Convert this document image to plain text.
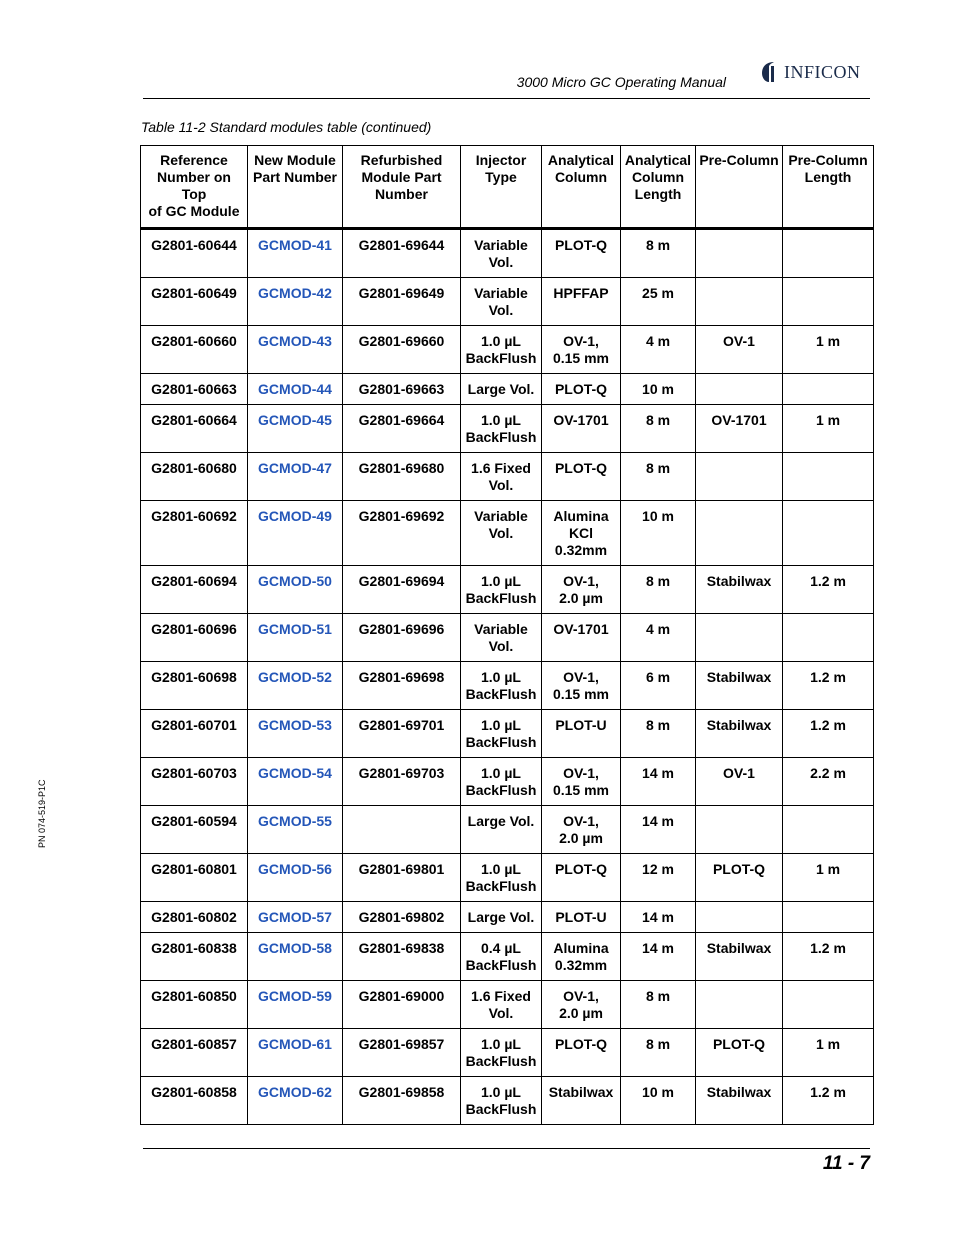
3000 Micro GC Operating Manual
INFICON
Table 11-2 Standard modules table (continued)
Reference
Number on Top
of GC Module	New Module
Part Number	Refurbished
Module Part
Number	Injector
Type	Analytical
Column	Analytical
Column
Length	Pre-Column	Pre-Column
Length
G2801-60644	GCMOD-41	G2801-69644	Variable
Vol.	PLOT-Q	8 m		
G2801-60649	GCMOD-42	G2801-69649	Variable
Vol.	HPFFAP	25 m		
G2801-60660	GCMOD-43	G2801-69660	1.0 µL
BackFlush	OV-1,
0.15 mm	4 m	OV-1	1 m
G2801-60663	GCMOD-44	G2801-69663	Large Vol.	PLOT-Q	10 m		
G2801-60664	GCMOD-45	G2801-69664	1.0 µL
BackFlush	OV-1701	8 m	OV-1701	1 m
G2801-60680	GCMOD-47	G2801-69680	1.6 Fixed
Vol.	PLOT-Q	8 m		
G2801-60692	GCMOD-49	G2801-69692	Variable
Vol.	Alumina
KCl
0.32mm	10 m		
G2801-60694	GCMOD-50	G2801-69694	1.0 µL
BackFlush	OV-1,
2.0 µm	8 m	Stabilwax	1.2 m
G2801-60696	GCMOD-51	G2801-69696	Variable
Vol.	OV-1701	4 m		
G2801-60698	GCMOD-52	G2801-69698	1.0 µL
BackFlush	OV-1,
0.15 mm	6 m	Stabilwax	1.2 m
G2801-60701	GCMOD-53	G2801-69701	1.0 µL
BackFlush	PLOT-U	8 m	Stabilwax	1.2 m
G2801-60703	GCMOD-54	G2801-69703	1.0 µL
BackFlush	OV-1,
0.15 mm	14 m	OV-1	2.2 m
G2801-60594	GCMOD-55		Large Vol.	OV-1,
2.0 µm	14 m		
G2801-60801	GCMOD-56	G2801-69801	1.0 µL
BackFlush	PLOT-Q	12 m	PLOT-Q	1 m
G2801-60802	GCMOD-57	G2801-69802	Large Vol.	PLOT-U	14 m		
G2801-60838	GCMOD-58	G2801-69838	0.4 µL
BackFlush	Alumina
0.32mm	14 m	Stabilwax	1.2 m
G2801-60850	GCMOD-59	G2801-69000	1.6 Fixed
Vol.	OV-1,
2.0 µm	8 m		
G2801-60857	GCMOD-61	G2801-69857	1.0 µL
BackFlush	PLOT-Q	8 m	PLOT-Q	1 m
G2801-60858	GCMOD-62	G2801-69858	1.0 µL
BackFlush	Stabilwax	10 m	Stabilwax	1.2 m
PN 074-519-P1C
11 - 7
